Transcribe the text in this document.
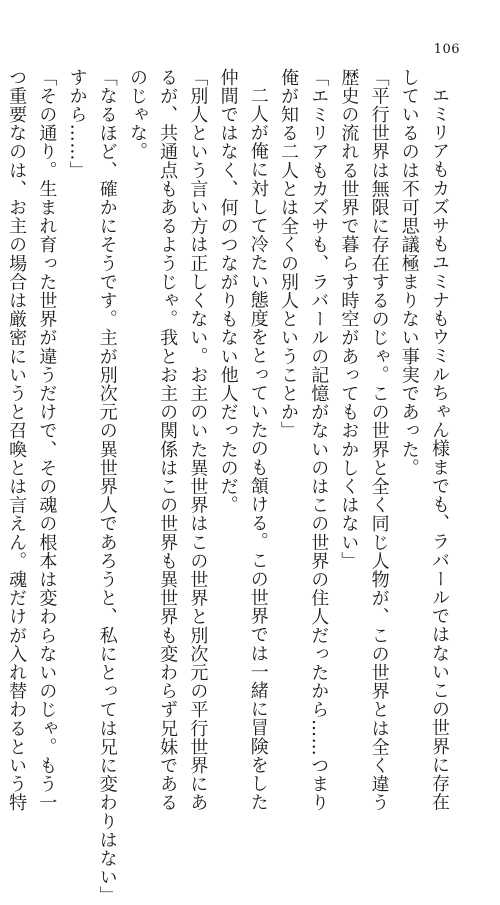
106
エミリアもカズサもユミナもウミルちゃん様までも、ラバールではないこの世界に存在
しているのは不可思議極まりない事実であった。
「平行世界は無限に存在するのじゃ。この世界と全く同じ人物が、この世界とは全く違う
歴史の流れる世界で暮らす時空があってもおかしくはない」
「エミリアもカズサも、ラバールの記憶がないのはこの世界の住人だったから……つまり
俺が知る二人とは全くの別人ということか」
二人が俺に対して冷たい態度をとっていたのも頷ける。この世界では一緒に冒険をした
仲間ではなく、何のつながりもない他人だったのだ。
「別人という言い方は正しくない。お主のいた異世界はこの世界と別次元の平行世界にあ
るが、共通点もあるようじゃ。我とお主の関係はこの世界も異世界も変わらず兄妹である
のじゃな。
「なるほど、確かにそうです。主が別次元の異世界人であろうと、私にとっては兄に変わりはない」
すから……」
「その通り。生まれ育った世界が違うだけで、その魂の根本は変わらないのじゃ。もう一
つ重要なのは、お主の場合は厳密にいうと召喚とは言えん。魂だけが入れ替わるという特
